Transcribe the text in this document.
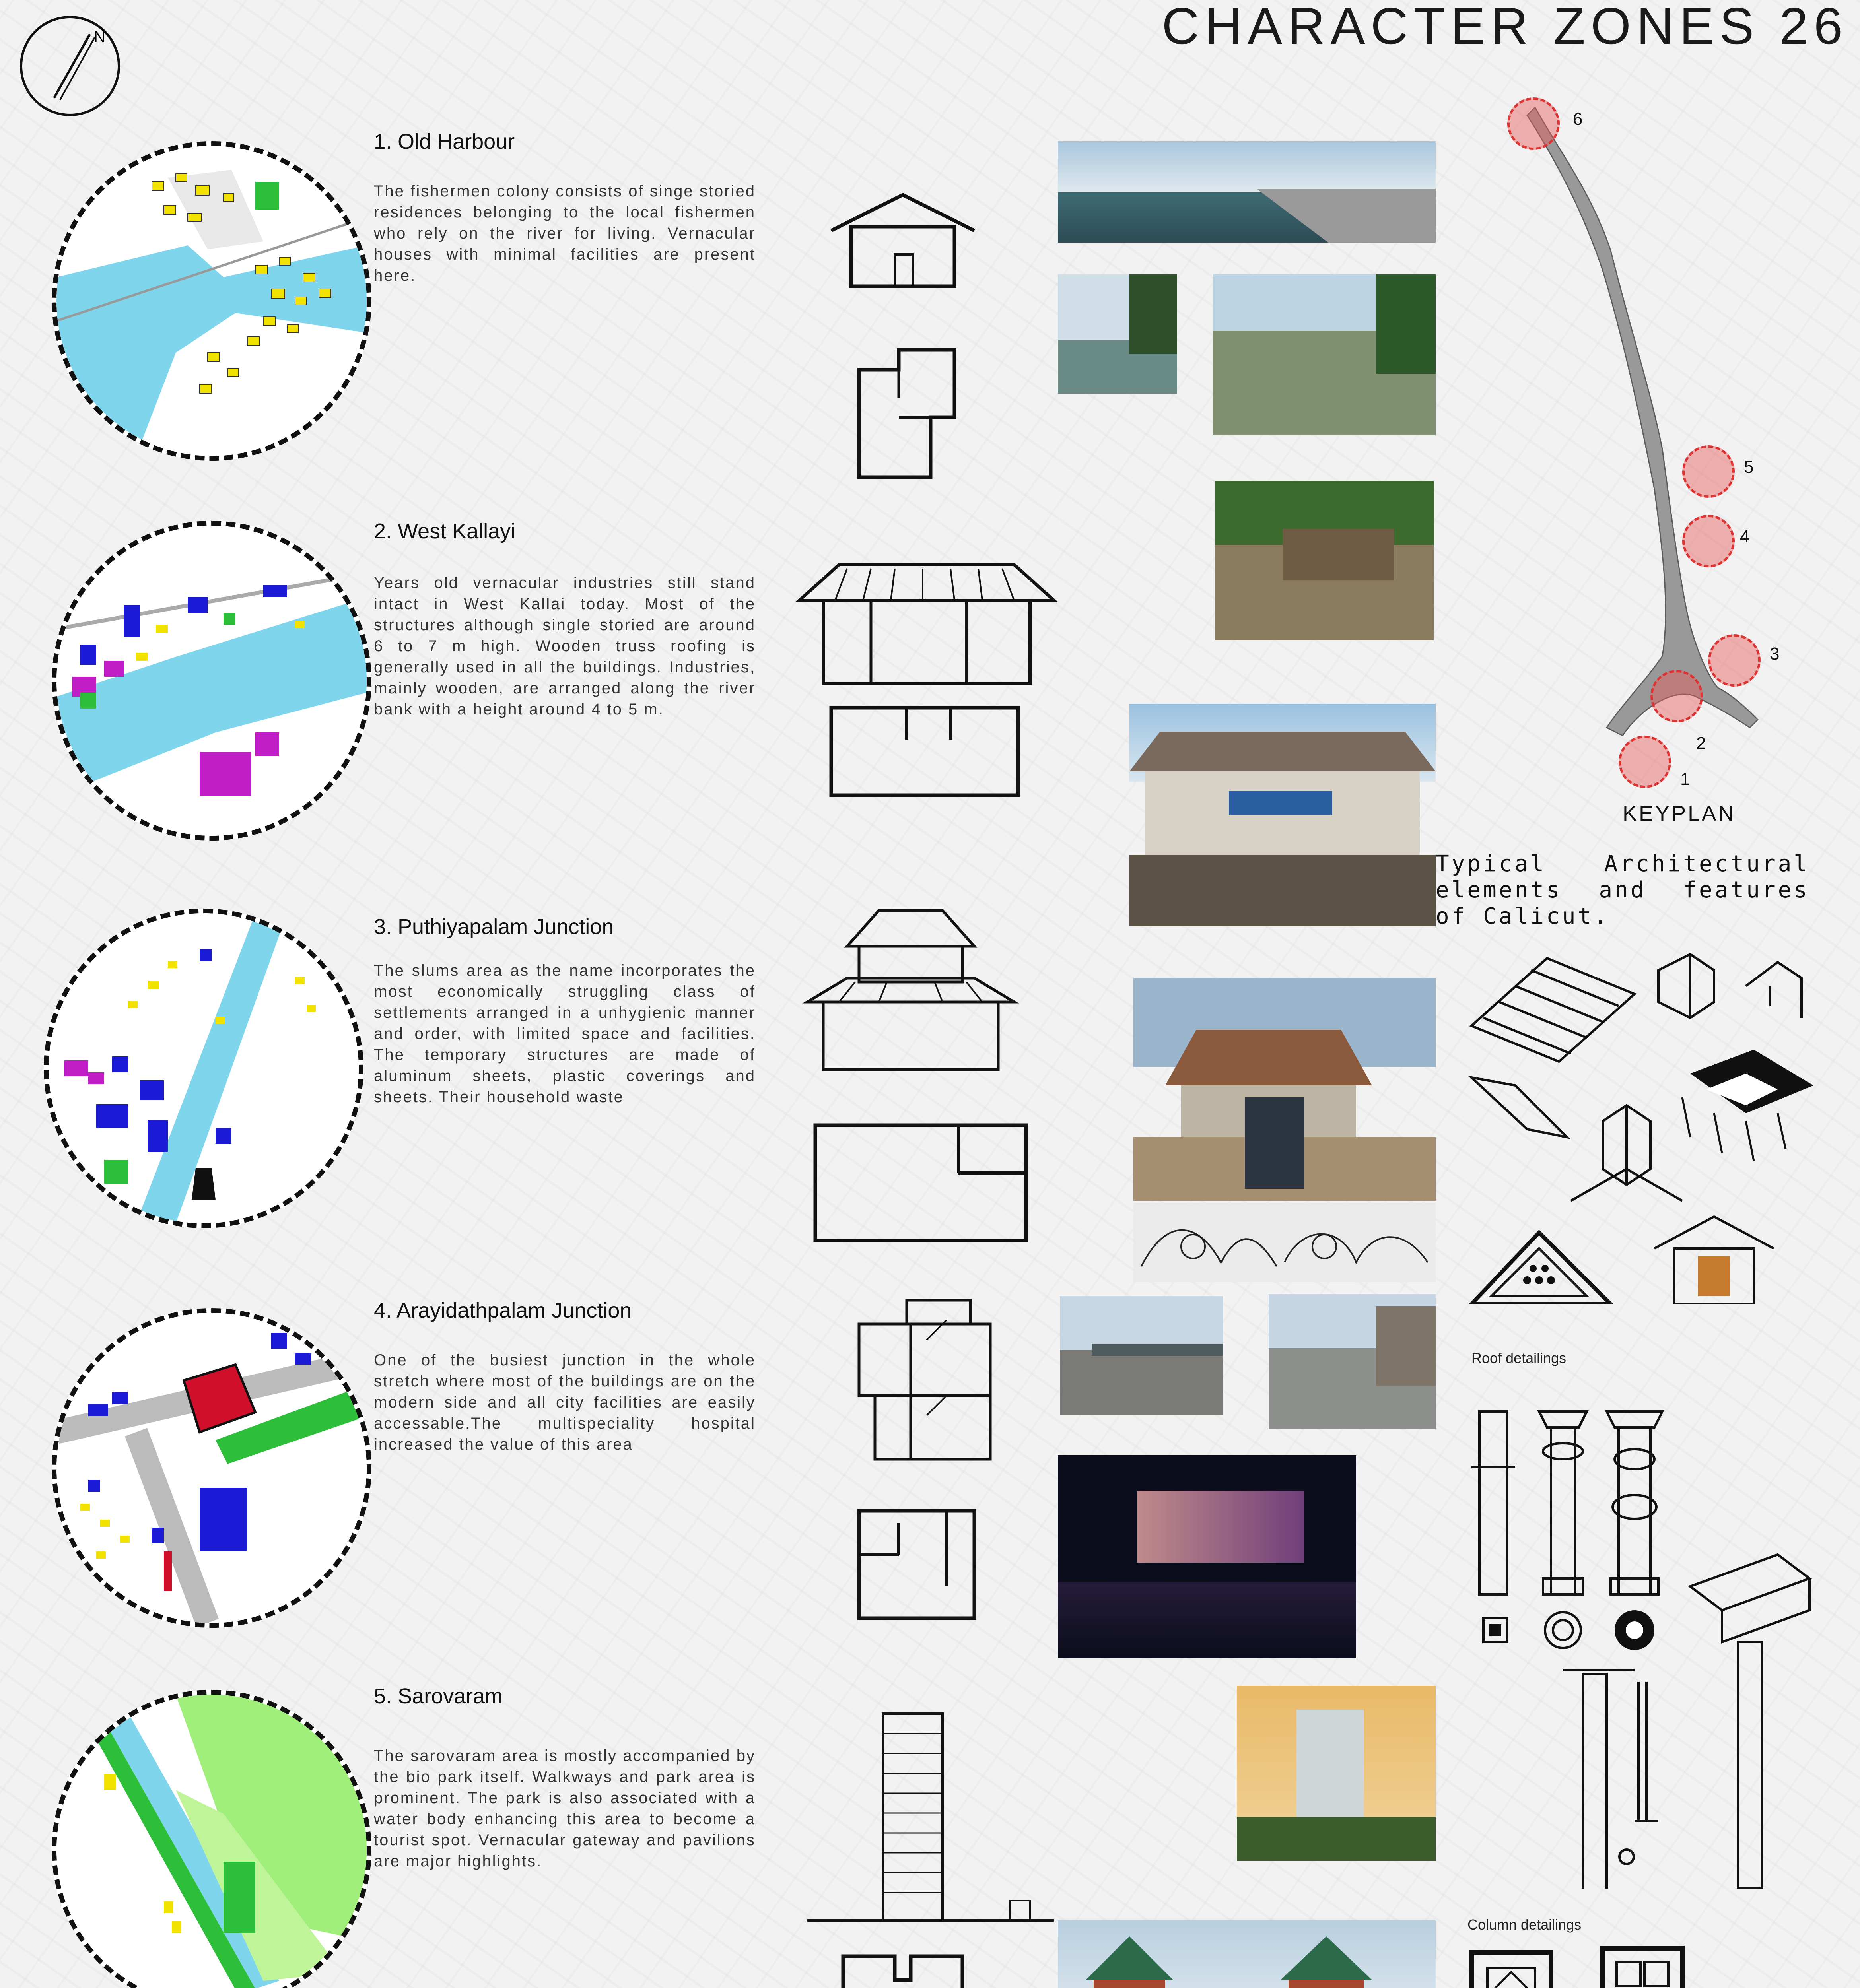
CHARACTER ZONES 26
N
1. Old Harbour
The fishermen colony consists of singe storied residences belonging to the local fishermen who rely on the river for living. Vernacular houses with minimal facilities are present here.
2. West Kallayi
Years old vernacular industries still stand intact in West Kallai today. Most of the structures although single storied are around 6 to 7 m high. Wooden truss roofing is generally used in all the buildings. Industries, mainly wooden, are arranged along the river bank with a height around 4 to 5 m.
3. Puthiyapalam Junction
The slums area as the name incorporates the most economically struggling class of settlements arranged in a unhygienic manner and order, with limited space and facilities. The temporary structures are made of aluminum sheets, plastic coverings and sheets. Their household waste
4. Arayidathpalam Junction
One of the busiest junction in the whole stretch where most of the buildings are on the modern side and all city facilities are easily accessable.The multispeciality hospital increased the value of this area
5. Sarovaram
The sarovaram area is mostly accompanied by the bio park itself. Walkways and park area is prominent. The park is also associated with a water body enhancing this area to become a tourist spot. Vernacular gateway and pavilions are major highlights.
6
5
4
3
2
1
KEYPLAN
Typical Architectural elements and features of Calicut.
Roof detailings
Column detailings
